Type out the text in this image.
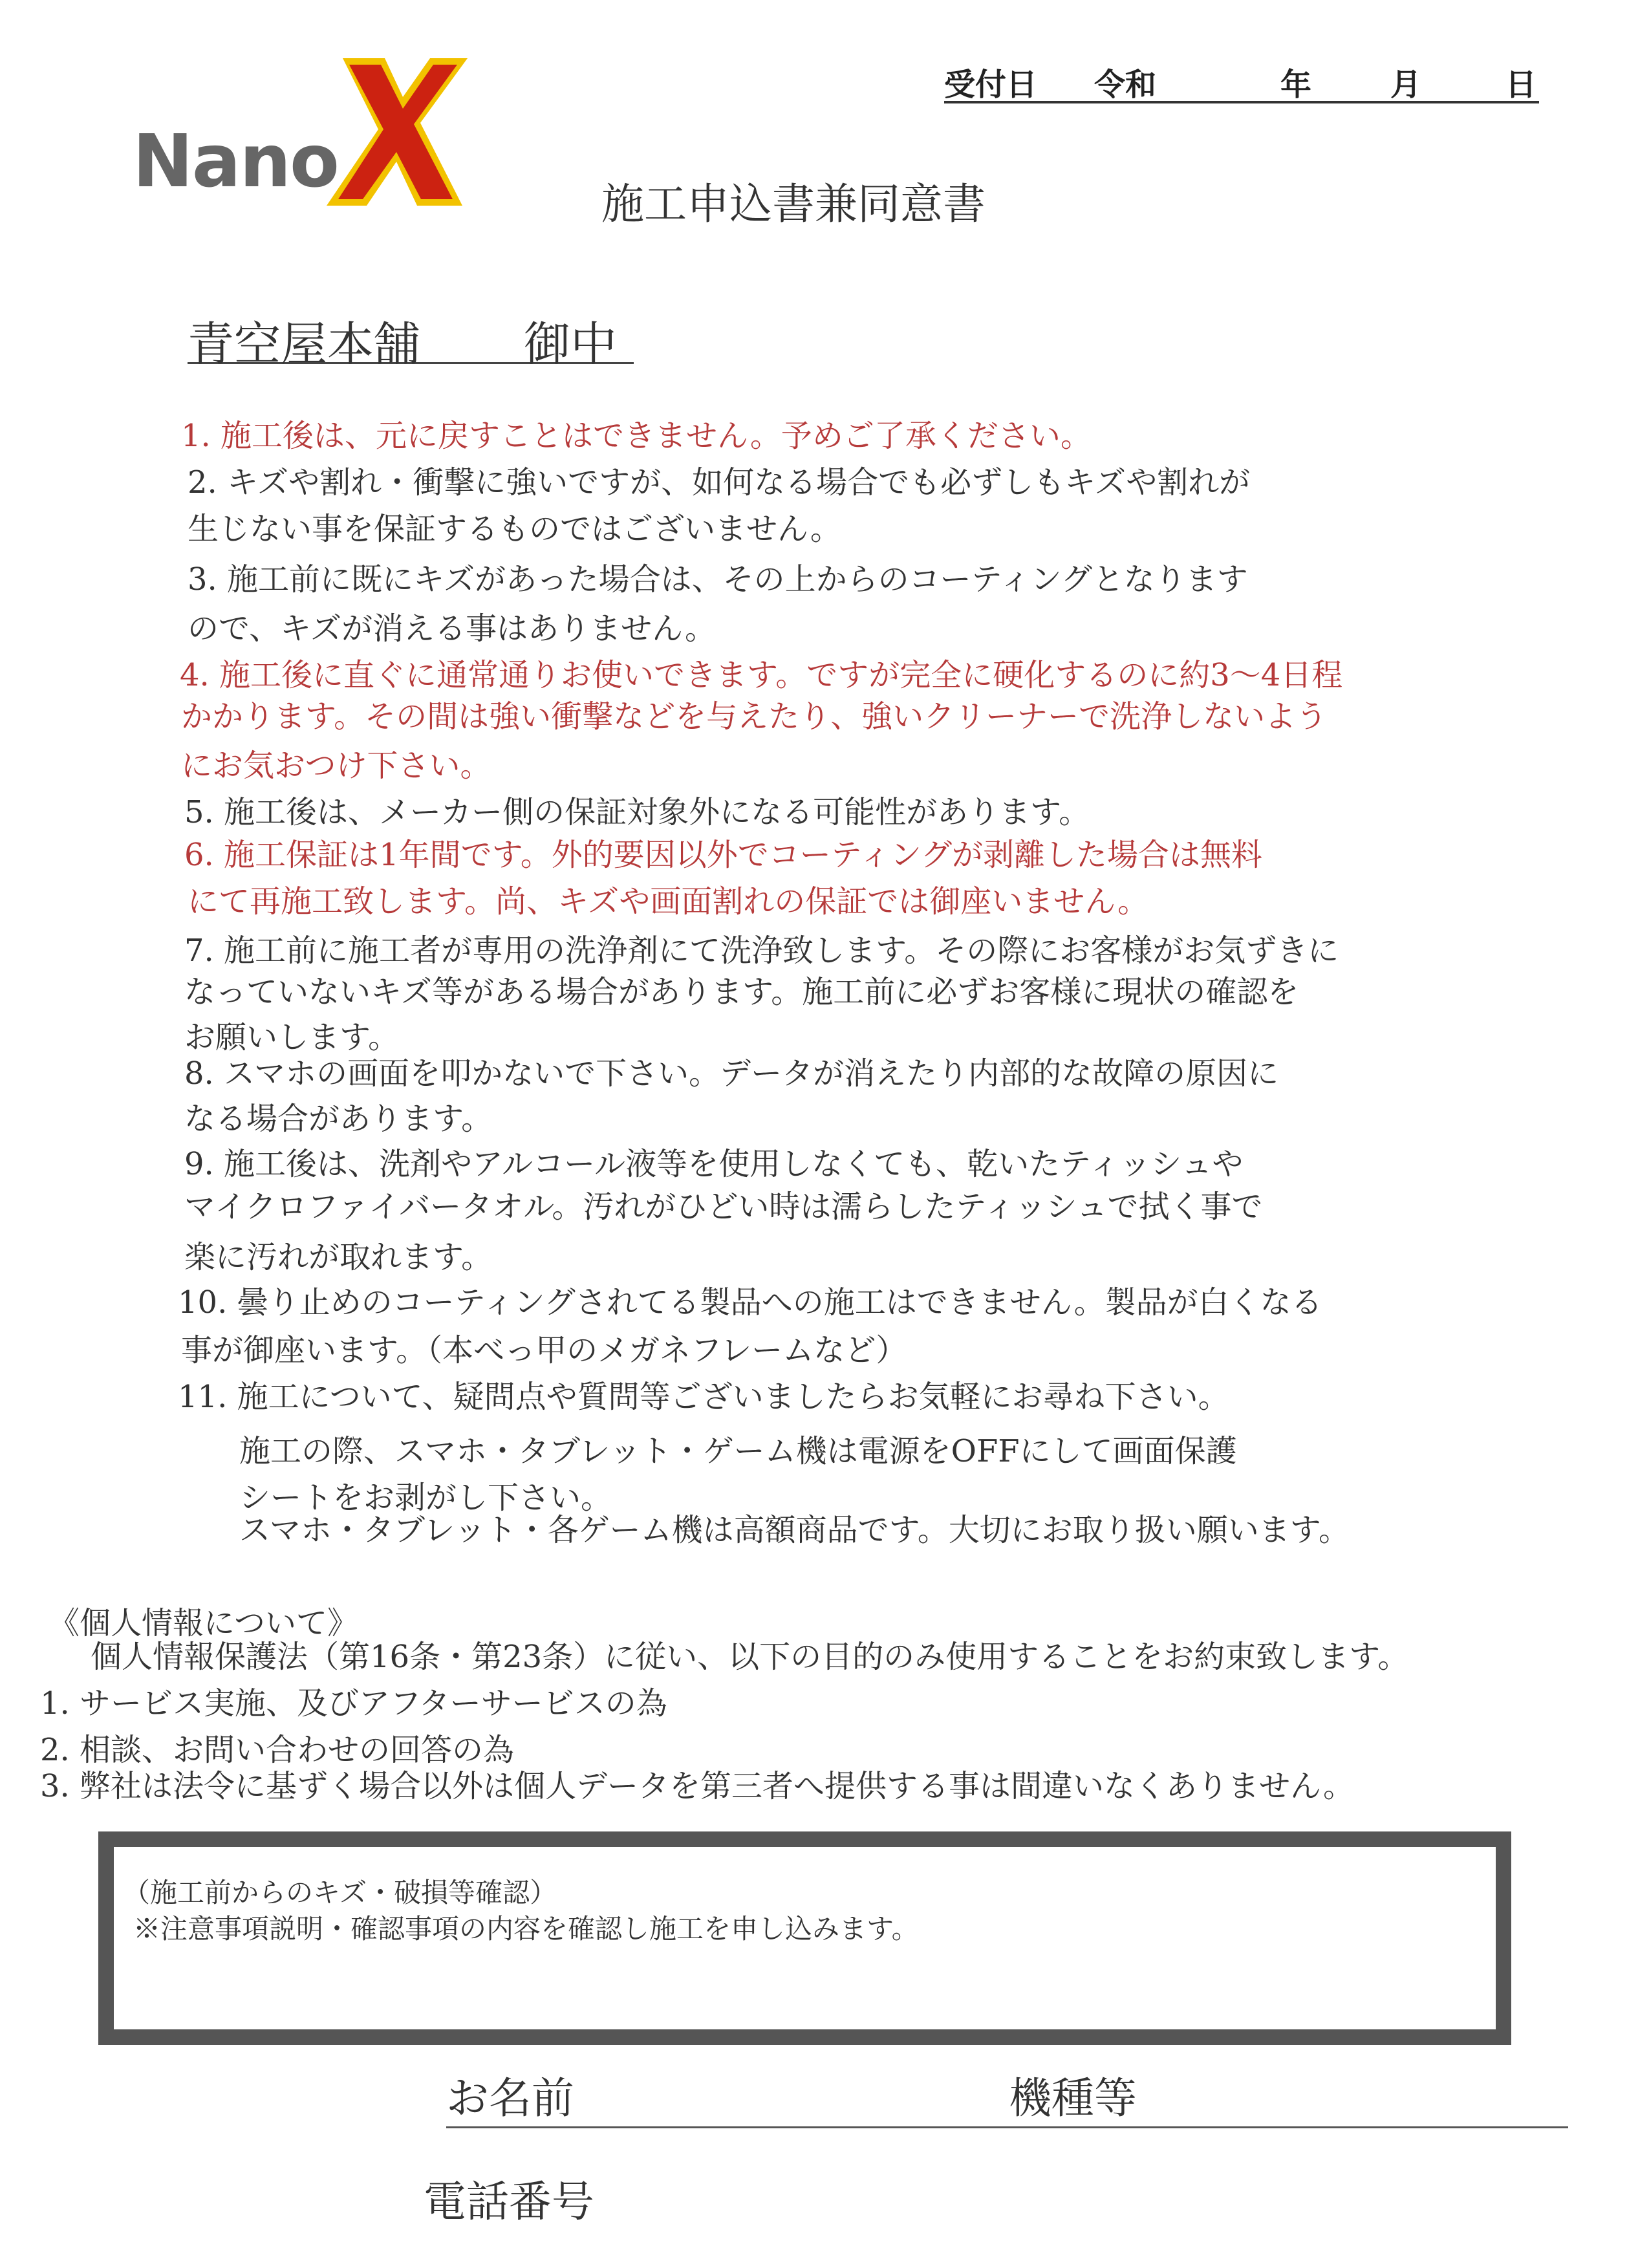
Nano
受付日 令和	年	月	日
施工申込書兼同意書
青空屋本舗 御中
1. 施工後は、元に戻すことはできません。予めご了承ください。
2. キズや割れ・衝撃に強いですが、如何なる場合でも必ずしもキズや割れが
生じない事を保証するものではございません。
3. 施工前に既にキズがあった場合は、その上からのコーティングとなります
ので、キズが消える事はありません。
4. 施工後に直ぐに通常通りお使いできます。ですが完全に硬化するのに約3～4日程
かかります。その間は強い衝撃などを与えたり、強いクリーナーで洗浄しないよう
にお気おつけ下さい。
5. 施工後は、メーカー側の保証対象外になる可能性があります。
6. 施工保証は1年間です。外的要因以外でコーティングが剥離した場合は無料
にて再施工致します。尚、キズや画面割れの保証では御座いません。
7. 施工前に施工者が専用の洗浄剤にて洗浄致します。その際にお客様がお気ずきに
なっていないキズ等がある場合があります。施工前に必ずお客様に現状の確認を
お願いします。
8. スマホの画面を叩かないで下さい。データが消えたり内部的な故障の原因に
なる場合があります。
9. 施工後は、洗剤やアルコール液等を使用しなくても、乾いたティッシュや
マイクロファイバータオル。汚れがひどい時は濡らしたティッシュで拭く事で
楽に汚れが取れます。
10. 曇り止めのコーティングされてる製品への施工はできません。製品が白くなる
事が御座います。（本べっ甲のメガネフレームなど）
11. 施工について、疑問点や質問等ございましたらお気軽にお尋ね下さい。
施工の際、スマホ・タブレット・ゲーム機は電源をOFFにして画面保護
シートをお剥がし下さい。
スマホ・タブレット・各ゲーム機は高額商品です。大切にお取り扱い願います。
《個人情報について》
個人情報保護法（第16条・第23条）に従い、以下の目的のみ使用することをお約束致します。
1. サービス実施、及びアフターサービスの為
2. 相談、お問い合わせの回答の為
3. 弊社は法令に基ずく場合以外は個人データを第三者へ提供する事は間違いなくありません。
（施工前からのキズ・破損等確認）
※注意事項説明・確認事項の内容を確認し施工を申し込みます。
お名前	機種等
電話番号
